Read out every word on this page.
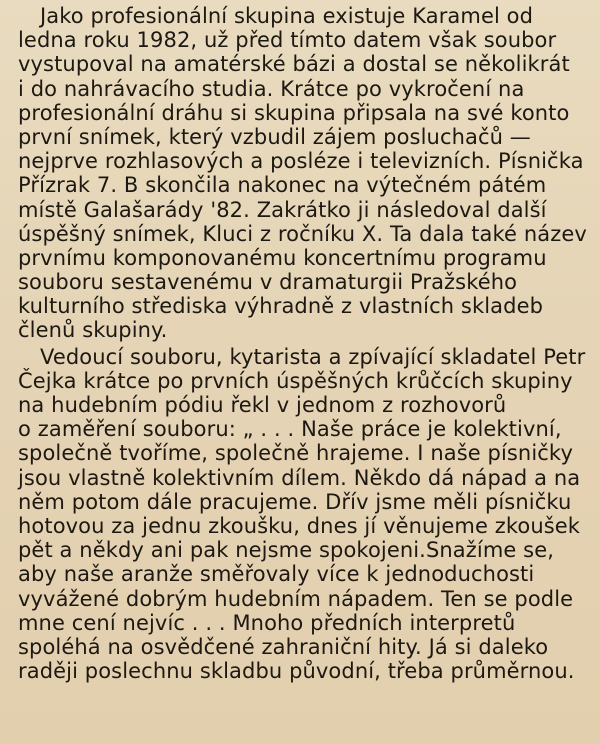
Jako profesionální skupina existuje Karamel od
ledna roku 1982, už před tímto datem však soubor
vystupoval na amatérské bázi a dostal se několikrát
i do nahrávacího studia. Krátce po vykročení na
profesionální dráhu si skupina připsala na své konto
první snímek, který vzbudil zájem posluchačů —
nejprve rozhlasových a posléze i televizních. Písnička
Přízrak 7. B skončila nakonec na výtečném pátém
místě Galašarády '82. Zakrátko ji následoval další
úspěšný snímek, Kluci z ročníku X. Ta dala také název
prvnímu komponovanému koncertnímu programu
souboru sestavenému v dramaturgii Pražského
kulturního střediska výhradně z vlastních skladeb
členů skupiny.
Vedoucí souboru, kytarista a zpívající skladatel Petr
Čejka krátce po prvních úspěšných krůčcích skupiny
na hudebním pódiu řekl v jednom z rozhovorů
o zaměření souboru: „ . . . Naše práce je kolektivní,
společně tvoříme, společně hrajeme. I naše písničky
jsou vlastně kolektivním dílem. Někdo dá nápad a na
něm potom dále pracujeme. Dřív jsme měli písničku
hotovou za jednu zkoušku, dnes jí věnujeme zkoušek
pět a někdy ani pak nejsme spokojeni.Snažíme se,
aby naše aranže směřovaly více k jednoduchosti
vyvážené dobrým hudebním nápadem. Ten se podle
mne cení nejvíc . . . Mnoho předních interpretů
spoléhá na osvědčené zahraniční hity. Já si daleko
raději poslechnu skladbu původní, třeba průměrnou.
